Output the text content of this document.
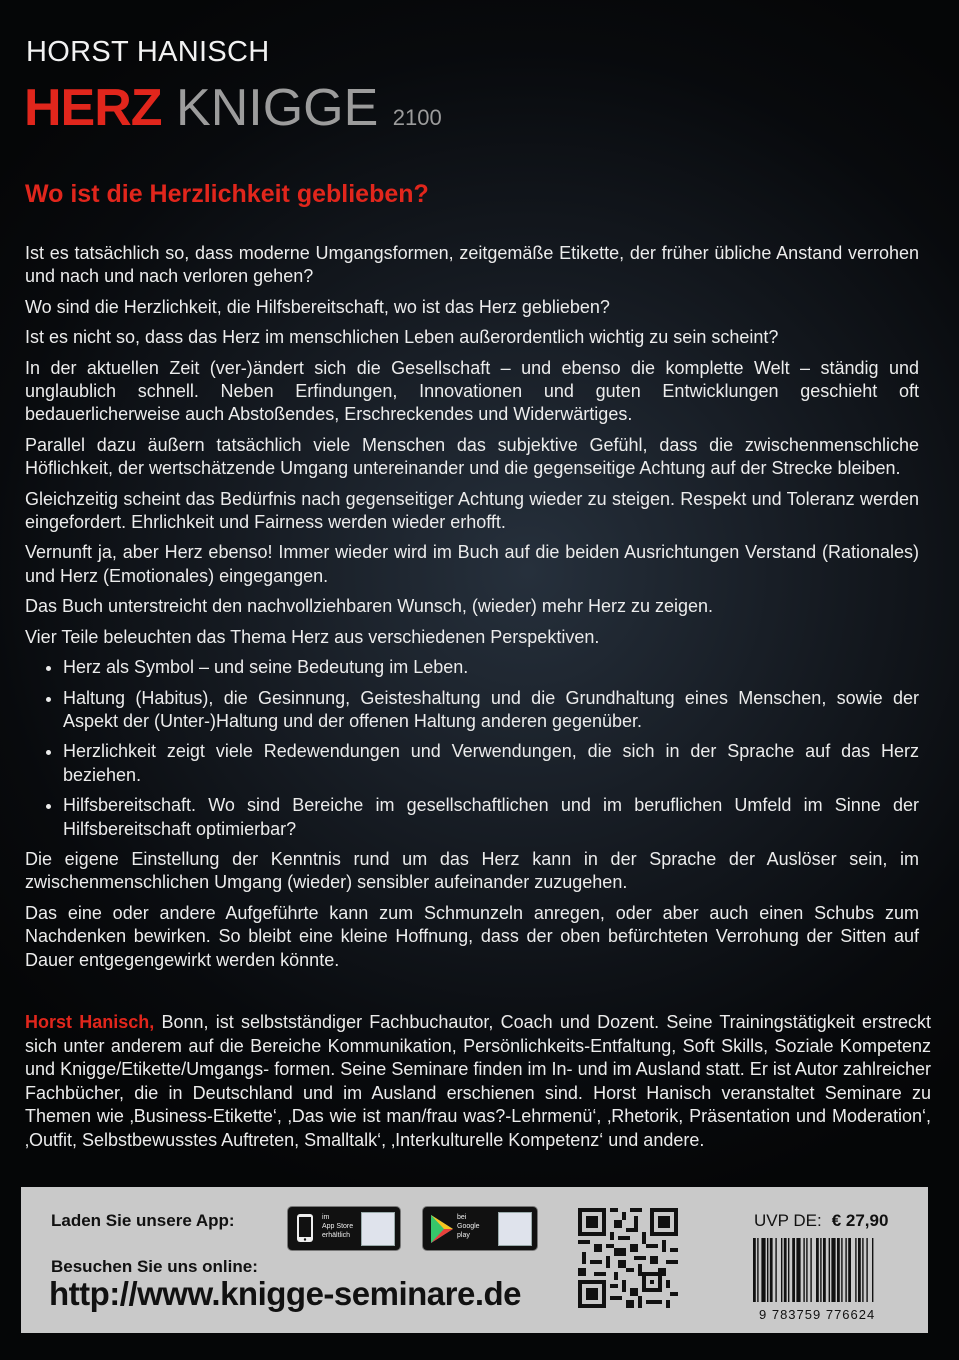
HORST HANISCH
HERZ KNIGGE 2100
Wo ist die Herzlichkeit geblieben?

Ist es tatsächlich so, dass moderne Umgangsformen, zeitgemäße Etikette, der früher übliche Anstand verrohen und nach und nach verloren gehen?

Wo sind die Herzlichkeit, die Hilfsbereitschaft, wo ist das Herz geblieben?

Ist es nicht so, dass das Herz im menschlichen Leben außerordentlich wichtig zu sein scheint?

In der aktuellen Zeit (ver-)ändert sich die Gesellschaft – und ebenso die komplette Welt – ständig und unglaublich schnell. Neben Erfindungen, Innovationen und guten Entwicklungen geschieht oft bedauerlicherweise auch Abstoßendes, Erschreckendes und Widerwärtiges.

Parallel dazu äußern tatsächlich viele Menschen das subjektive Gefühl, dass die zwischenmenschliche Höflichkeit, der wertschätzende Umgang untereinander und die gegenseitige Achtung auf der Strecke bleiben.

Gleichzeitig scheint das Bedürfnis nach gegenseitiger Achtung wieder zu steigen. Respekt und Toleranz werden eingefordert. Ehrlichkeit und Fairness werden wieder erhofft.

Vernunft ja, aber Herz ebenso! Immer wieder wird im Buch auf die beiden Ausrichtungen Verstand (Rationales) und Herz (Emotionales) eingegangen.

Das Buch unterstreicht den nachvollziehbaren Wunsch, (wieder) mehr Herz zu zeigen.

Vier Teile beleuchten das Thema Herz aus verschiedenen Perspektiven.

• Herz als Symbol – und seine Bedeutung im Leben.
• Haltung (Habitus), die Gesinnung, Geisteshaltung und die Grundhaltung eines Menschen, sowie der Aspekt der (Unter-)Haltung und der offenen Haltung anderen gegenüber.
• Herzlichkeit zeigt viele Redewendungen und Verwendungen, die sich in der Sprache auf das Herz beziehen.
• Hilfsbereitschaft. Wo sind Bereiche im gesellschaftlichen und im beruflichen Umfeld im Sinne der Hilfsbereitschaft optimierbar?

Die eigene Einstellung der Kenntnis rund um das Herz kann in der Sprache der Auslöser sein, im zwischenmenschlichen Umgang (wieder) sensibler aufeinander zuzugehen.

Das eine oder andere Aufgeführte kann zum Schmunzeln anregen, oder aber auch einen Schubs zum Nachdenken bewirken. So bleibt eine kleine Hoffnung, dass der oben befürchteten Verrohung der Sitten auf Dauer entgegengewirkt werden könnte.

Horst Hanisch, Bonn, ist selbstständiger Fachbuchautor, Coach und Dozent. Seine Trainingstätigkeit erstreckt sich unter anderem auf die Bereiche Kommunikation, Persönlichkeits-Entfaltung, Soft Skills, Soziale Kompetenz und Knigge/Etikette/Umgangs- formen. Seine Seminare finden im In- und im Ausland statt. Er ist Autor zahlreicher Fachbücher, die in Deutschland und im Ausland erschienen sind. Horst Hanisch veranstaltet Seminare zu Themen wie ‚Business-Etikette‘, ‚Das wie ist man/frau was?-Lehrmenü‘, ‚Rhetorik, Präsentation und Moderation‘, ‚Outfit, Selbstbewusstes Auftreten, Smalltalk‘, ‚Interkulturelle Kompetenz‘ und andere.
Laden Sie unsere App:	im
App Store
erhältlich
bei
Google
play
Besuchen Sie uns online:
http://www.knigge-seminare.de
UVP DE: € 27,90
9 783759 776624
